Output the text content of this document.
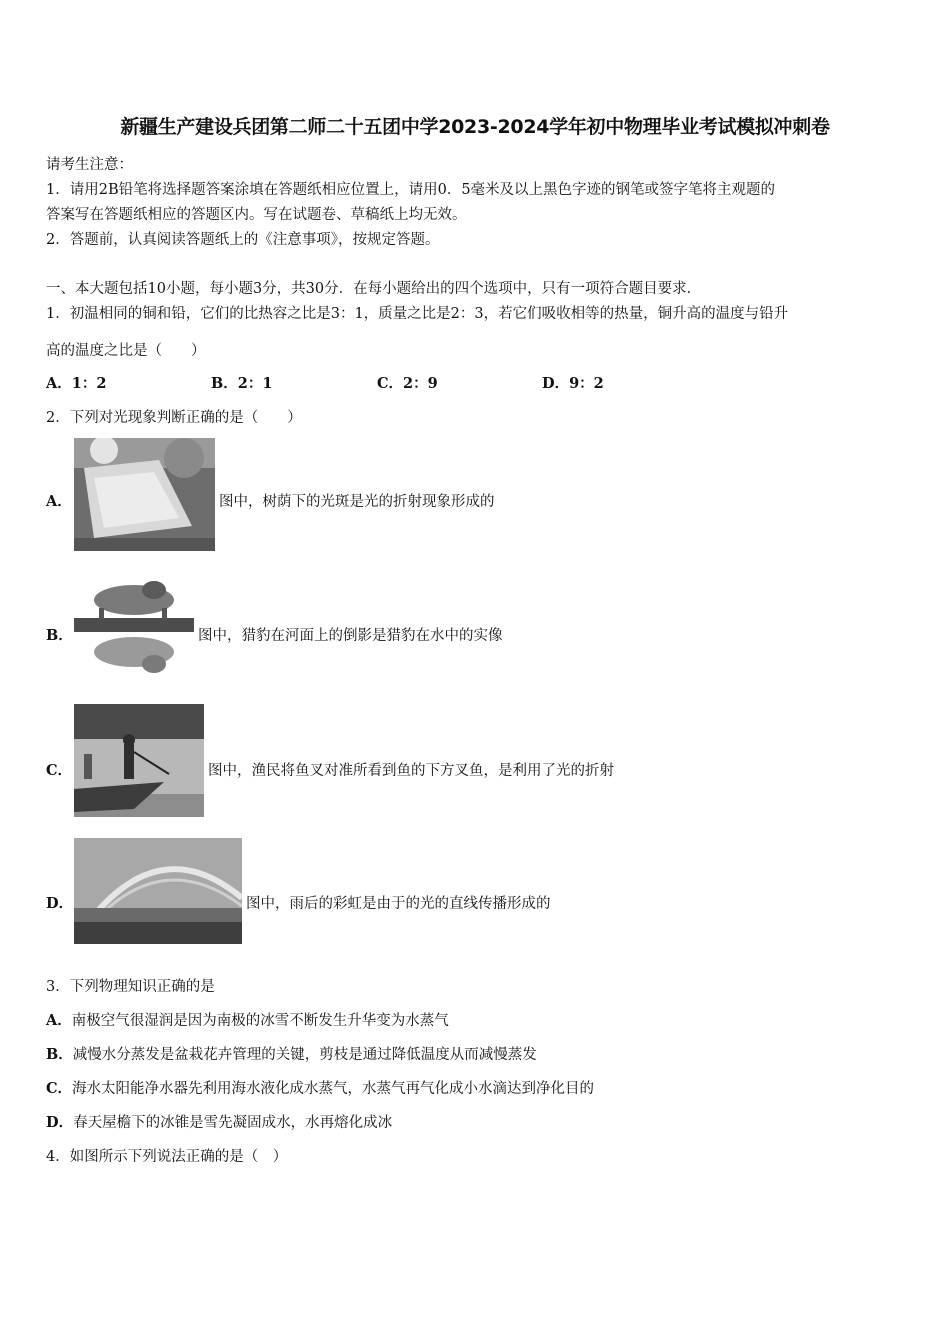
新疆生产建设兵团第二师二十五团中学2023-2024学年初中物理毕业考试模拟冲刺卷
请考生注意：
1．请用2B铅笔将选择题答案涂填在答题纸相应位置上，请用0．5毫米及以上黑色字迹的钢笔或签字笔将主观题的
答案写在答题纸相应的答题区内。写在试题卷、草稿纸上均无效。
2．答题前，认真阅读答题纸上的《注意事项》，按规定答题。
一、本大题包括10小题，每小题3分，共30分．在每小题给出的四个选项中，只有一项符合题目要求．
1．初温相同的铜和铅，它们的比热容之比是3：1，质量之比是2：3，若它们吸收相等的热量，铜升高的温度与铅升
高的温度之比是（　　）
A．1：2	B．2：1	C．2：9	D．9：2
2．下列对光现象判断正确的是（　　）
A．	图中，树荫下的光斑是光的折射现象形成的
B．	图中，猎豹在河面上的倒影是猎豹在水中的实像
C．	图中，渔民将鱼叉对准所看到鱼的下方叉鱼，是利用了光的折射
D．	图中，雨后的彩虹是由于的光的直线传播形成的
3．下列物理知识正确的是
A．南极空气很湿润是因为南极的冰雪不断发生升华变为水蒸气
B．减慢水分蒸发是盆栽花卉管理的关键，剪枝是通过降低温度从而减慢蒸发
C．海水太阳能净水器先利用海水液化成水蒸气，水蒸气再气化成小水滴达到净化目的
D．春天屋檐下的冰锥是雪先凝固成水，水再熔化成冰
4．如图所示下列说法正确的是（　）
